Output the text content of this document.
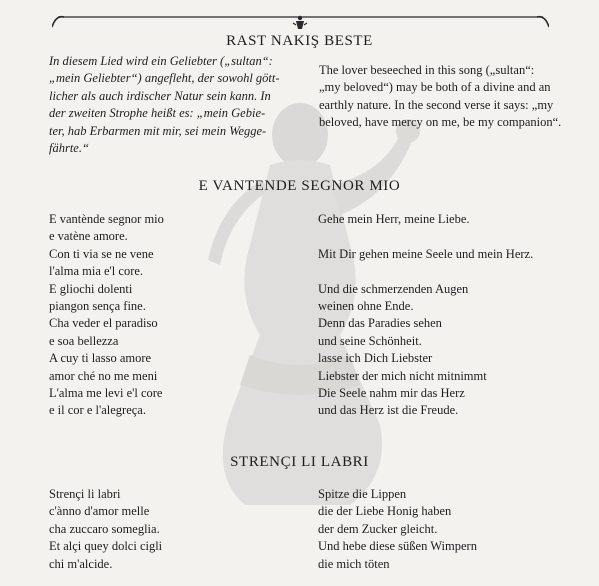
RAST NAKIŞ BESTE
In diesem Lied wird ein Geliebter („sultan“:
„mein Geliebter“) angefleht, der sowohl gött-
licher als auch irdischer Natur sein kann. In
der zweiten Strophe heißt es: „mein Gebie-
ter, hab Erbarmen mit mir, sei mein Wegge-
fährte.“
The lover beseeched in this song („sultan“:
„my beloved“) may be both of a divine and an
earthly nature. In the second verse it says: „my
beloved, have mercy on me, be my companion“.
E VANTENDE SEGNOR MIO
E vantènde segnor mio
e vatène amore.
Con ti via se ne vene
l'alma mia e'l core.
E gliochi dolenti
piangon sença fine.
Cha veder el paradiso
e soa bellezza
A cuy ti lasso amore
amor ché no me meni
L'alma me levi e'l core
e il cor e l'alegreça.
Gehe mein Herr, meine Liebe.
Mit Dir gehen meine Seele und mein Herz.
Und die schmerzenden Augen
weinen ohne Ende.
Denn das Paradies sehen
und seine Schönheit.
lasse ich Dich Liebster
Liebster der mich nicht mitnimmt
Die Seele nahm mir das Herz
und das Herz ist die Freude.
STRENÇI LI LABRI
Strençi li labri
c'ànno d'amor melle
cha zuccaro someglia.
Et alçi quey dolci cigli
chi m'alcide.
Spitze die Lippen
die der Liebe Honig haben
der dem Zucker gleicht.
Und hebe diese süßen Wimpern
die mich töten
